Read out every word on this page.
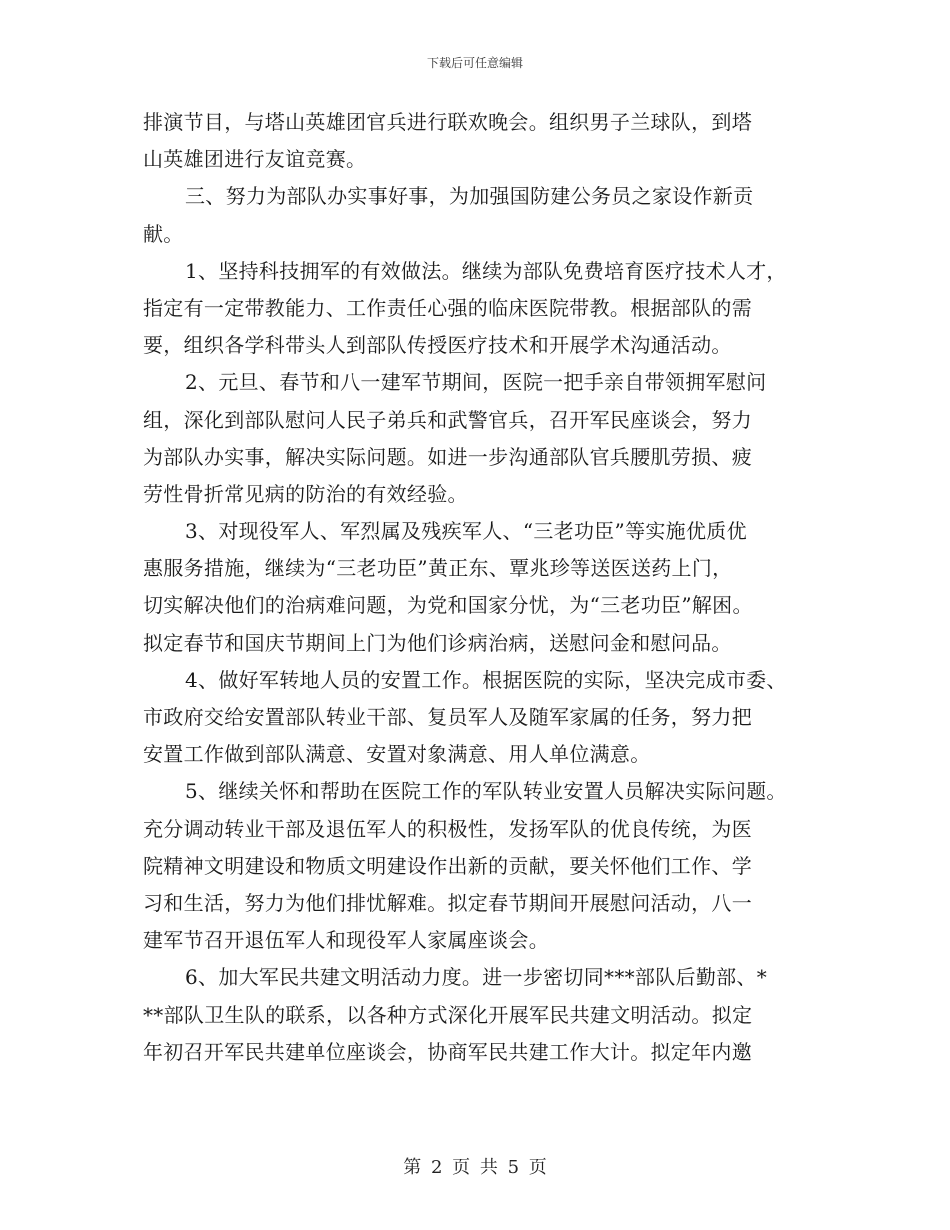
下载后可任意编辑
排演节目，与塔山英雄团官兵进行联欢晚会。组织男子兰球队，到塔
山英雄团进行友谊竞赛。
三、努力为部队办实事好事，为加强国防建公务员之家设作新贡
献。
1、坚持科技拥军的有效做法。继续为部队免费培育医疗技术人才，
指定有一定带教能力、工作责任心强的临床医院带教。根据部队的需
要，组织各学科带头人到部队传授医疗技术和开展学术沟通活动。
2、元旦、春节和八一建军节期间，医院一把手亲自带领拥军慰问
组，深化到部队慰问人民子弟兵和武警官兵，召开军民座谈会，努力
为部队办实事，解决实际问题。如进一步沟通部队官兵腰肌劳损、疲
劳性骨折常见病的防治的有效经验。
3、对现役军人、军烈属及残疾军人、“三老功臣”等实施优质优
惠服务措施，继续为“三老功臣”黄正东、覃兆珍等送医送药上门，
切实解决他们的治病难问题，为党和国家分忧，为“三老功臣”解困。
拟定春节和国庆节期间上门为他们诊病治病，送慰问金和慰问品。
4、做好军转地人员的安置工作。根据医院的实际，坚决完成市委、
市政府交给安置部队转业干部、复员军人及随军家属的任务，努力把
安置工作做到部队满意、安置对象满意、用人单位满意。
5、继续关怀和帮助在医院工作的军队转业安置人员解决实际问题。
充分调动转业干部及退伍军人的积极性，发扬军队的优良传统，为医
院精神文明建设和物质文明建设作出新的贡献，要关怀他们工作、学
习和生活，努力为他们排忧解难。拟定春节期间开展慰问活动，八一
建军节召开退伍军人和现役军人家属座谈会。
6、加大军民共建文明活动力度。进一步密切同***部队后勤部、*
**部队卫生队的联系，以各种方式深化开展军民共建文明活动。拟定
年初召开军民共建单位座谈会，协商军民共建工作大计。拟定年内邀
第 2 页 共 5 页
